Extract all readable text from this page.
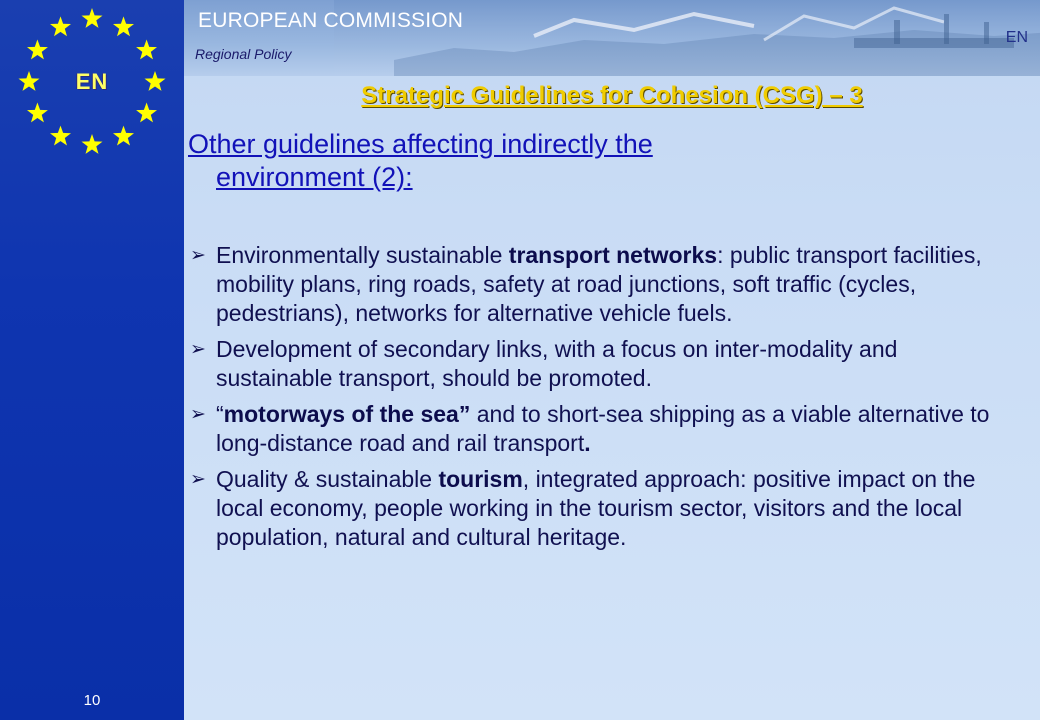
EN
10
EUROPEAN COMMISSION
Regional Policy
EN
Strategic Guidelines for Cohesion (CSG) – 3
Other guidelines affecting indirectly the
environment (2):
➢ Environmentally sustainable transport networks: public transport facilities, mobility plans, ring roads, safety at road junctions, soft traffic (cycles, pedestrians), networks for alternative vehicle fuels.
➢ Development of secondary links, with a focus on inter-modality and sustainable transport, should be promoted.
➢ “motorways of the sea” and to short-sea shipping as a viable alternative to long-distance road and rail transport.
➢ Quality & sustainable tourism, integrated approach: positive impact on the local economy, people working in the tourism sector, visitors and the local population, natural and cultural heritage.
